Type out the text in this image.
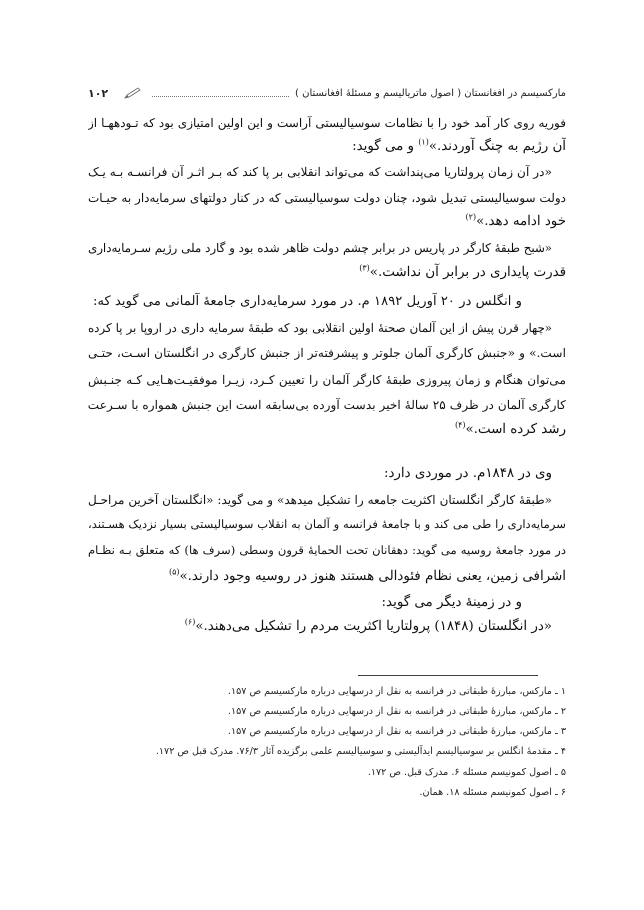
مارکسیسم در افغانستان ( اصول ماتریالیسم و مسئلهٔ افغانستان )
۱۰۲
فوریه روی کار آمد خود را با نظامات سوسیالیستی آراست و این اولین امتیازی بود که تـودههـا از
آن رژیم به چنگ آوردند.»$^{(۱)}$ و می گوید:
«در آن زمان پرولتاریا می‌پنداشت که می‌تواند انقلابی بر پا کند که بـر اثـر آن فرانسـه بـه یـک
دولت سوسیالیستی تبدیل شود، چنان دولت سوسیالیستی که در کنار دولتهای سرمایه‌دار به حیـات
خود ادامه دهد.»$^{(۲)}$
«شبح طبقهٔ کارگر در پاریس در برابر چشم دولت ظاهر شده بود و گارد ملی رژیم سـرمایه‌داری
قدرت پایداری در برابر آن نداشت.»$^{(۳)}$
و انگلس در ۲۰ آوریل ۱۸۹۲ م. در مورد سرمایه‌داری جامعهٔ آلمانی می گوید که:
«چهار قرن پیش از این آلمان صحنهٔ اولین انقلابی بود که طبقهٔ سرمایه داری در اروپا بر پا کرده
است.» و «جنبش کارگری آلمان جلوتر و پیشرفته‌تر از جنبش کارگری در انگلستان اسـت، حتـی
می‌توان هنگام و زمان پیروزی طبقهٔ کارگر آلمان را تعیین کـرد، زیـرا موفقیـت‌هـایی کـه جنـبش
کارگری آلمان در ظرف ۲۵ سالهٔ اخیر بدست آورده بی‌سابقه است این جنبش همواره با سـرعت
رشد کرده است.»$^{(۴)}$
وی در ۱۸۴۸م. در موردی دارد:
«طبقهٔ کارگر انگلستان اکثریت جامعه را تشکیل میدهد» و می گوید: «انگلستان آخرین مراحـل
سرمایه‌داری را طی می کند و با جامعهٔ فرانسه و آلمان به انقلاب سوسیالیستی بسیار نزدیک هسـتند،
در مورد جامعهٔ روسیه می گوید: دهقانان تحت الحمایهٔ قرون وسطی (سرف ها) که متعلق بـه نظـام
اشرافی زمین، یعنی نظام فئودالی هستند هنوز در روسیه وجود دارند.»$^{(۵)}$
و در زمینهٔ دیگر می گوید:
«در انگلستان (۱۸۴۸) پرولتاریا اکثریت مردم را تشکیل می‌دهند.»$^{(۶)}$
۱ ـ مارکس، مبارزهٔ طبقاتی در فرانسه به نقل از درسهایی درباره مارکسیسم ص ۱۵۷.
۲ ـ مارکس، مبارزهٔ طبقاتی در فرانسه به نقل از درسهایی درباره مارکسیسم ص ۱۵۷.
۳ ـ مارکس، مبارزهٔ طبقاتی در فرانسه به نقل از درسهایی درباره مارکسیسم ص ۱۵۷.
۴ ـ مقدمهٔ انگلس بر سوسیالیسم ایدآلیستی و سوسیالیسم علمی برگزیده آثار ۷۶/۳. مدرک قبل ص ۱۷۲.
۵ ـ اصول کمونیسم مسئله ۶. مدرک قبل. ص ۱۷۲.
۶ ـ اصول کمونیسم مسئله ۱۸. همان.
